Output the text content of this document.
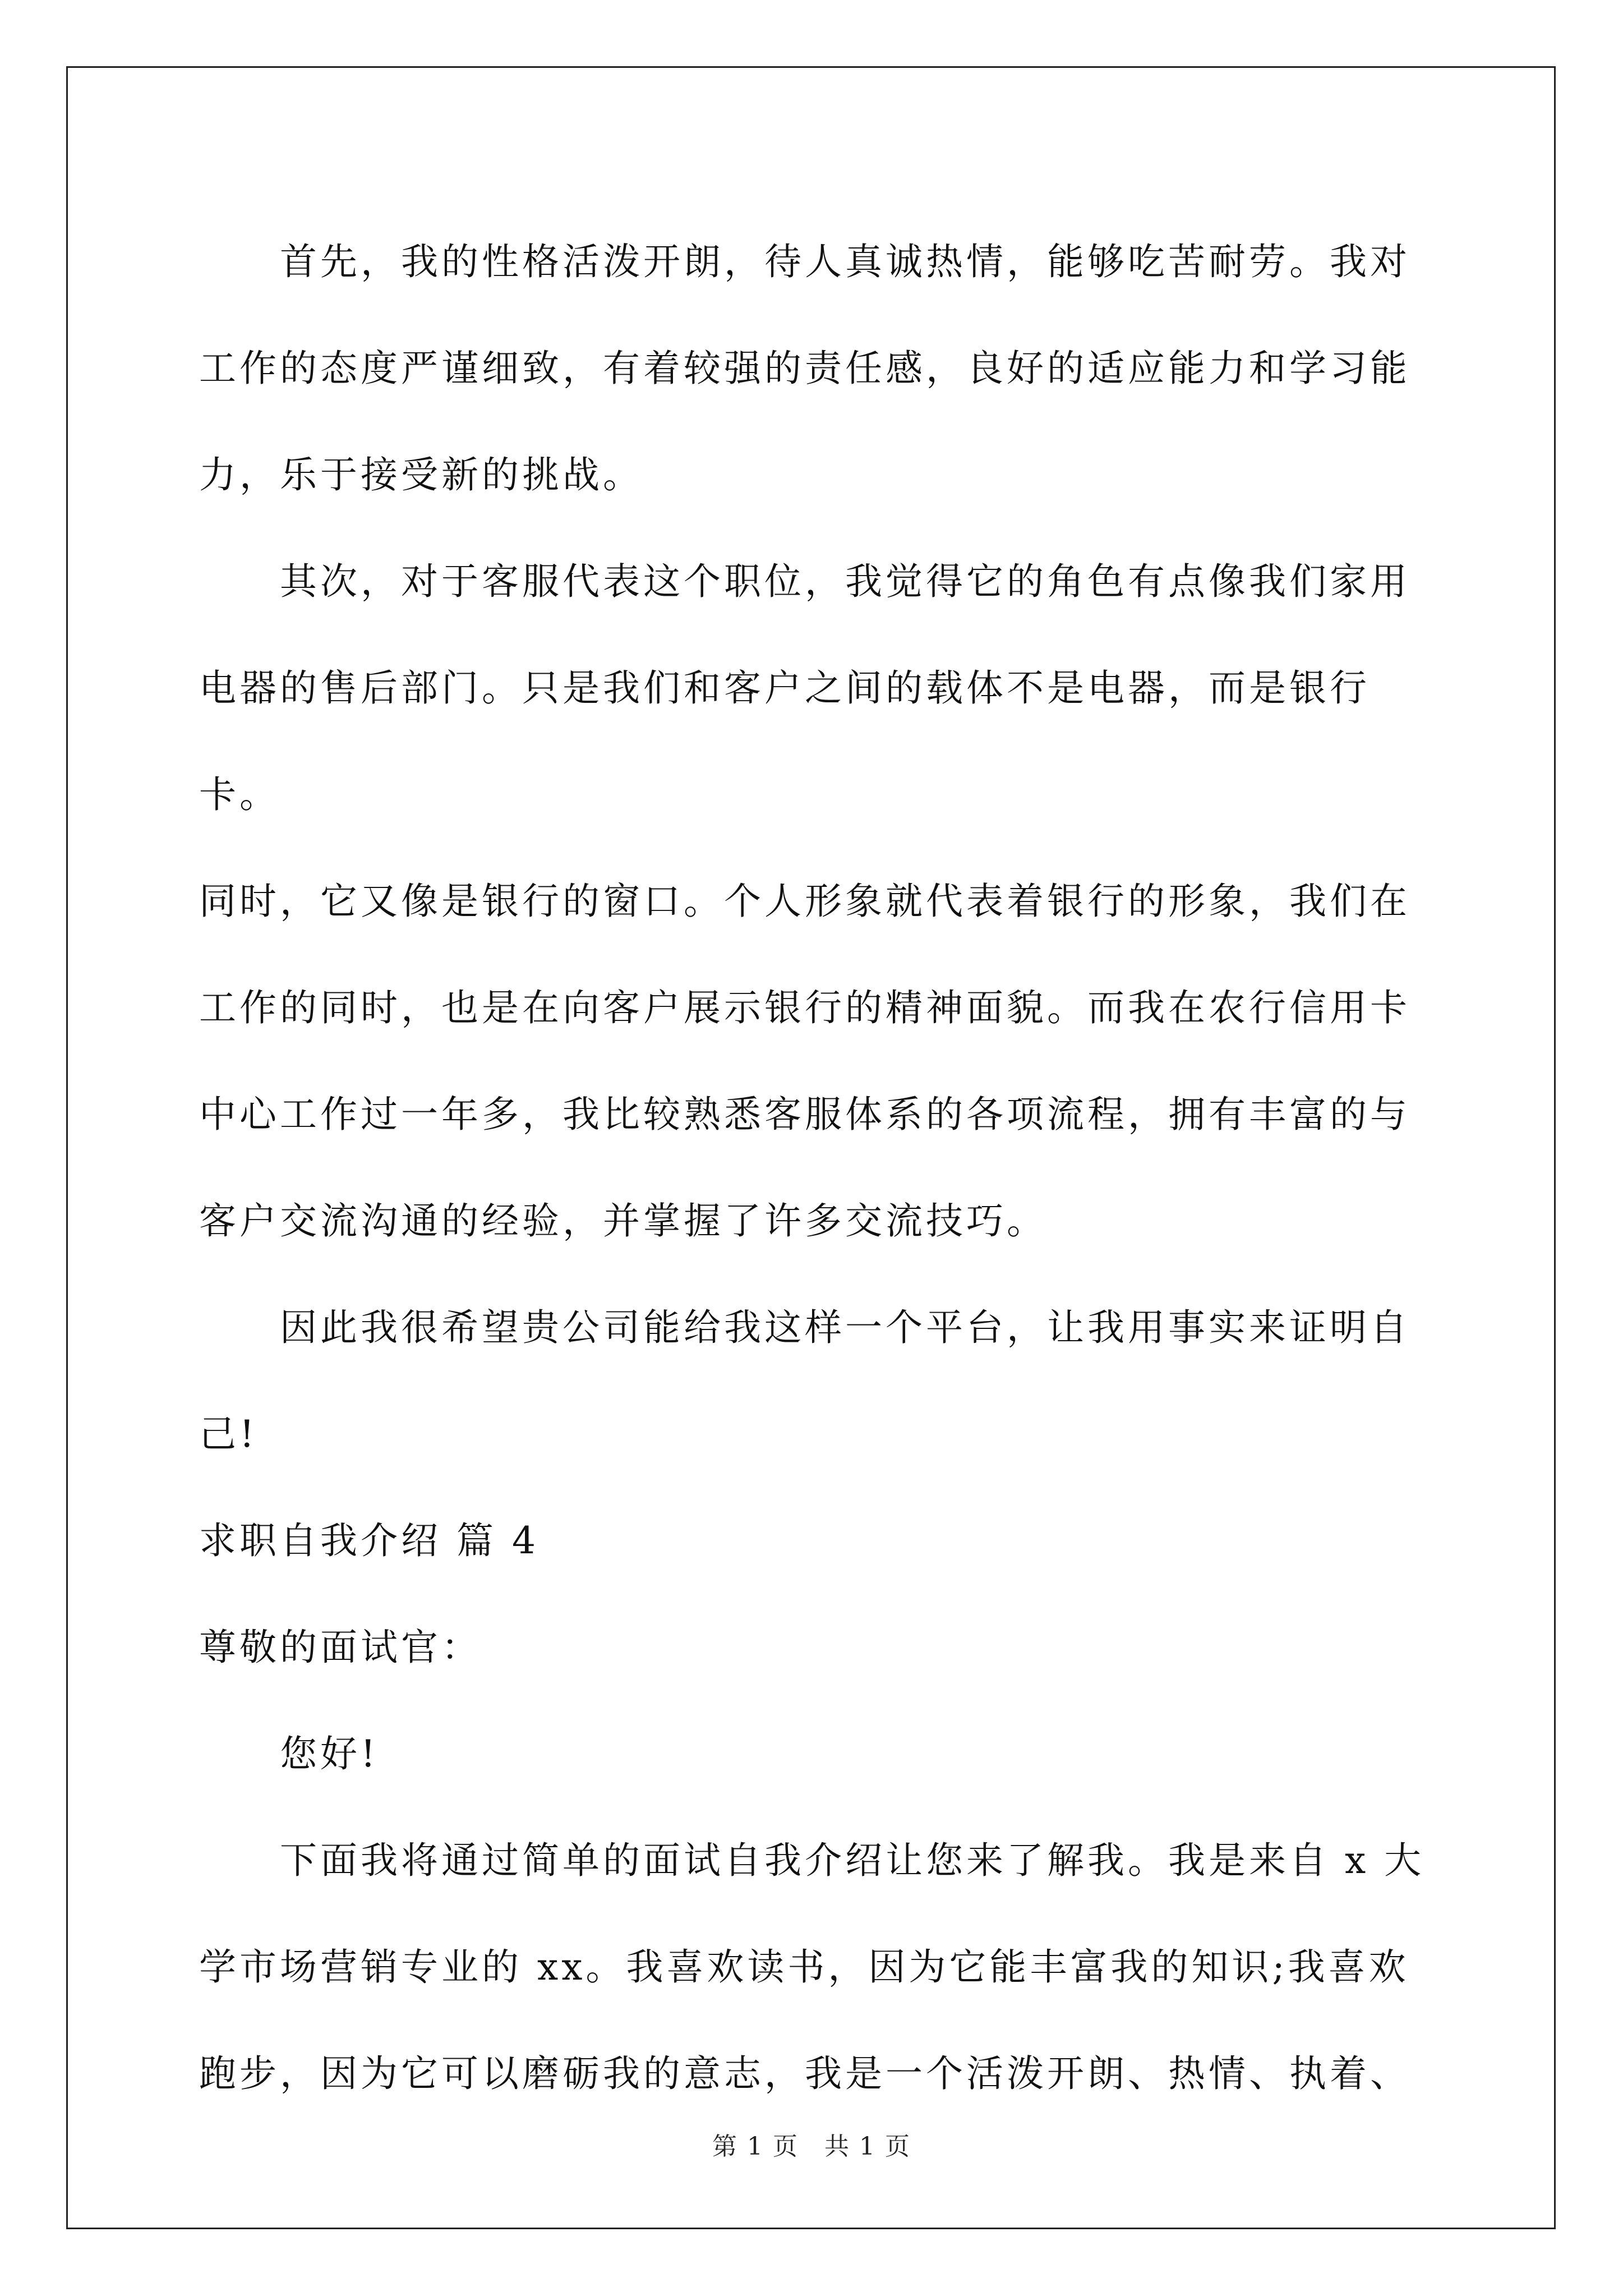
首先，我的性格活泼开朗，待人真诚热情，能够吃苦耐劳。我对
工作的态度严谨细致，有着较强的责任感，良好的适应能力和学习能
力，乐于接受新的挑战。

其次，对于客服代表这个职位，我觉得它的角色有点像我们家用
电器的售后部门。只是我们和客户之间的载体不是电器，而是银行卡。
同时，它又像是银行的窗口。个人形象就代表着银行的形象，我们在
工作的同时，也是在向客户展示银行的精神面貌。而我在农行信用卡
中心工作过一年多，我比较熟悉客服体系的各项流程，拥有丰富的与
客户交流沟通的经验，并掌握了许多交流技巧。

因此我很希望贵公司能给我这样一个平台，让我用事实来证明自
己!

求职自我介绍 篇 4

尊敬的面试官：

您好!

下面我将通过简单的面试自我介绍让您来了解我。我是来自 x 大
学市场营销专业的 xx。我喜欢读书，因为它能丰富我的知识;我喜欢
跑步，因为它可以磨砺我的意志，我是一个活泼开朗、热情、执着、

第 1 页　共 1 页
